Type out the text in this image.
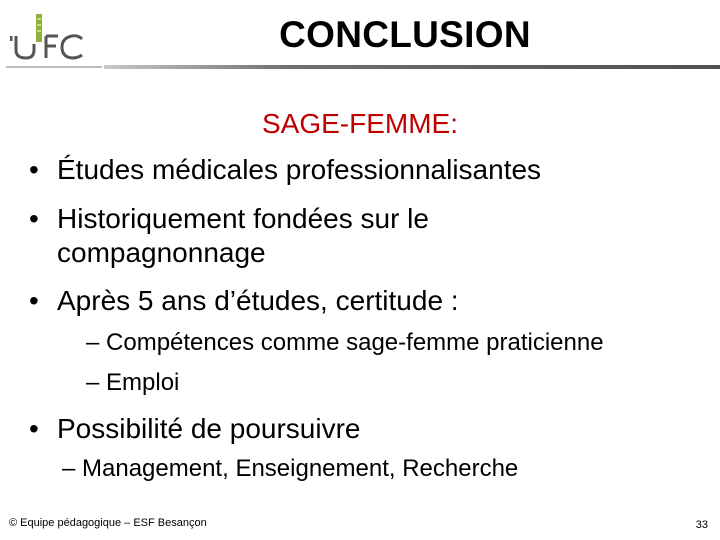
CONCLUSION
SAGE-FEMME:
• Études médicales professionnalisantes
• Historiquement fondées sur le
compagnonnage
• Après 5 ans d’études, certitude :
– Compétences comme sage-femme praticienne
– Emploi
• Possibilité de poursuivre
– Management, Enseignement, Recherche
© Equipe pédagogique – ESF Besançon	33
